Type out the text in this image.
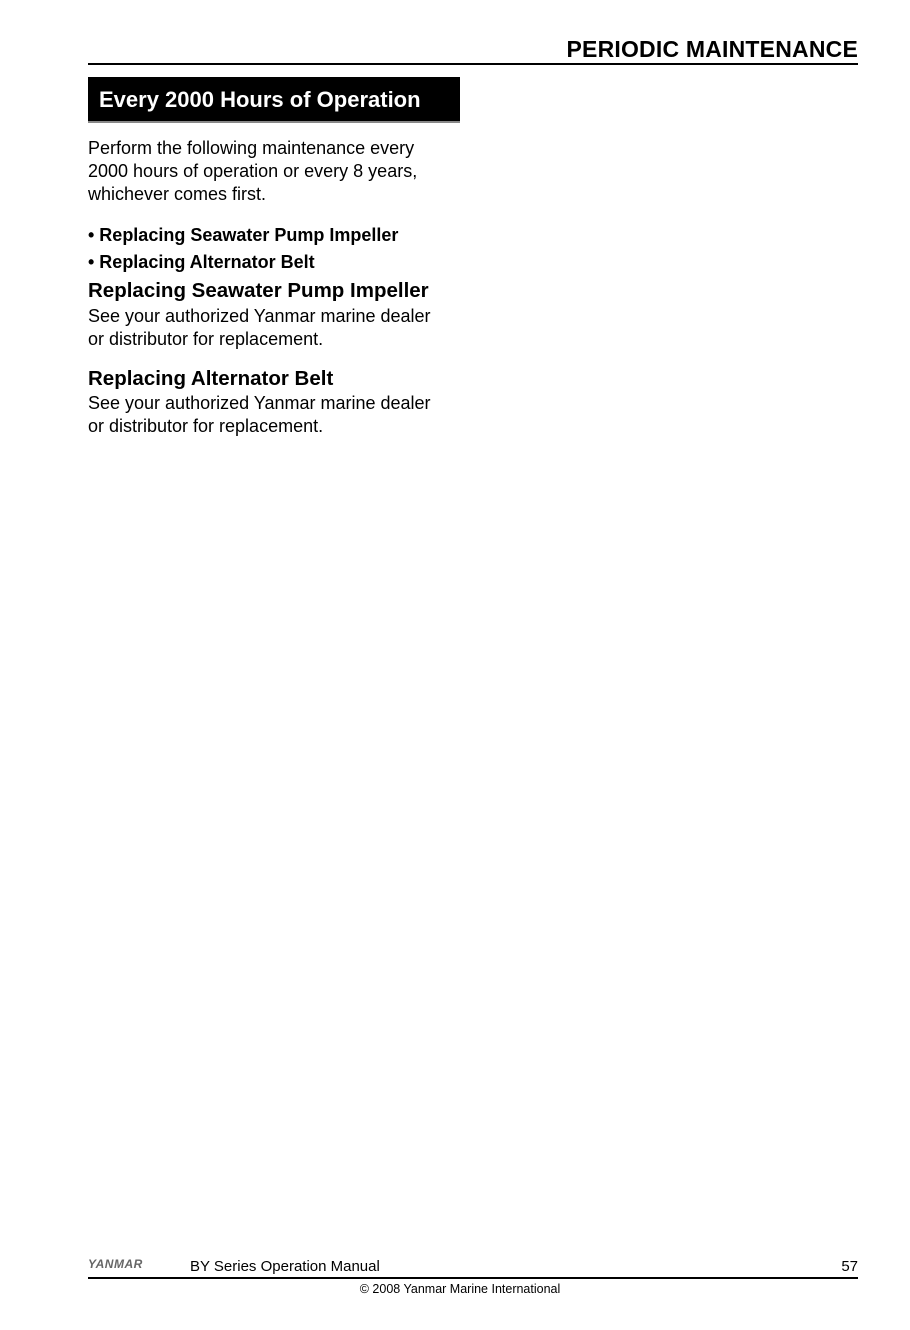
PERIODIC MAINTENANCE
Every 2000 Hours of Operation
Perform the following maintenance every
2000 hours of operation or every 8 years,
whichever comes first.
• Replacing Seawater Pump Impeller
• Replacing Alternator Belt
Replacing Seawater Pump Impeller
See your authorized Yanmar marine dealer
or distributor for replacement.
Replacing Alternator Belt
See your authorized Yanmar marine dealer
or distributor for replacement.
YANMAR	BY Series Operation Manual	57
© 2008 Yanmar Marine International
